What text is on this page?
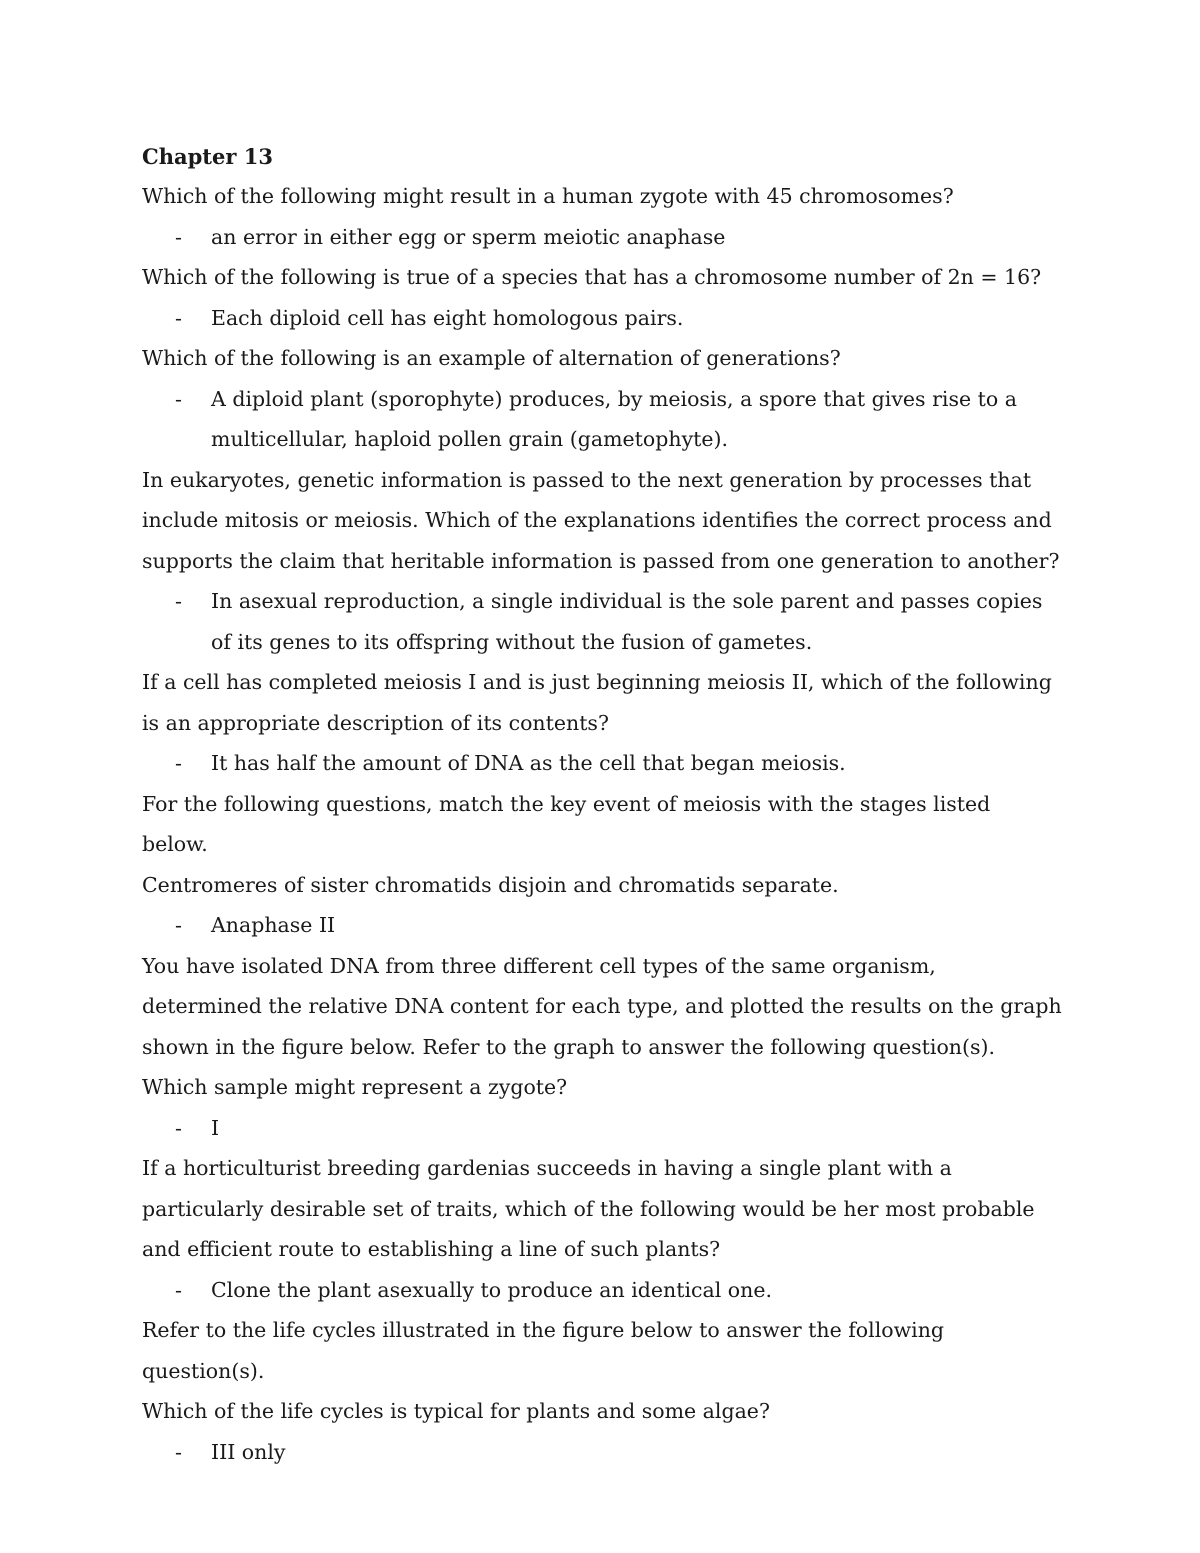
Chapter 13

Which of the following might result in a human zygote with 45 chromosomes?

- an error in either egg or sperm meiotic anaphase

Which of the following is true of a species that has a chromosome number of 2n = 16?

- Each diploid cell has eight homologous pairs.

Which of the following is an example of alternation of generations?

- A diploid plant (sporophyte) produces, by meiosis, a spore that gives rise to a multicellular, haploid pollen grain (gametophyte).

In eukaryotes, genetic information is passed to the next generation by processes that include mitosis or meiosis. Which of the explanations identifies the correct process and supports the claim that heritable information is passed from one generation to another?

- In asexual reproduction, a single individual is the sole parent and passes copies of its genes to its offspring without the fusion of gametes.

If a cell has completed meiosis I and is just beginning meiosis II, which of the following is an appropriate description of its contents?

- It has half the amount of DNA as the cell that began meiosis.

For the following questions, match the key event of meiosis with the stages listed below.

Centromeres of sister chromatids disjoin and chromatids separate.

- Anaphase II

You have isolated DNA from three different cell types of the same organism, determined the relative DNA content for each type, and plotted the results on the graph shown in the figure below. Refer to the graph to answer the following question(s). Which sample might represent a zygote?

- I

If a horticulturist breeding gardenias succeeds in having a single plant with a particularly desirable set of traits, which of the following would be her most probable and efficient route to establishing a line of such plants?

- Clone the plant asexually to produce an identical one.

Refer to the life cycles illustrated in the figure below to answer the following question(s).

Which of the life cycles is typical for plants and some algae?

- III only
